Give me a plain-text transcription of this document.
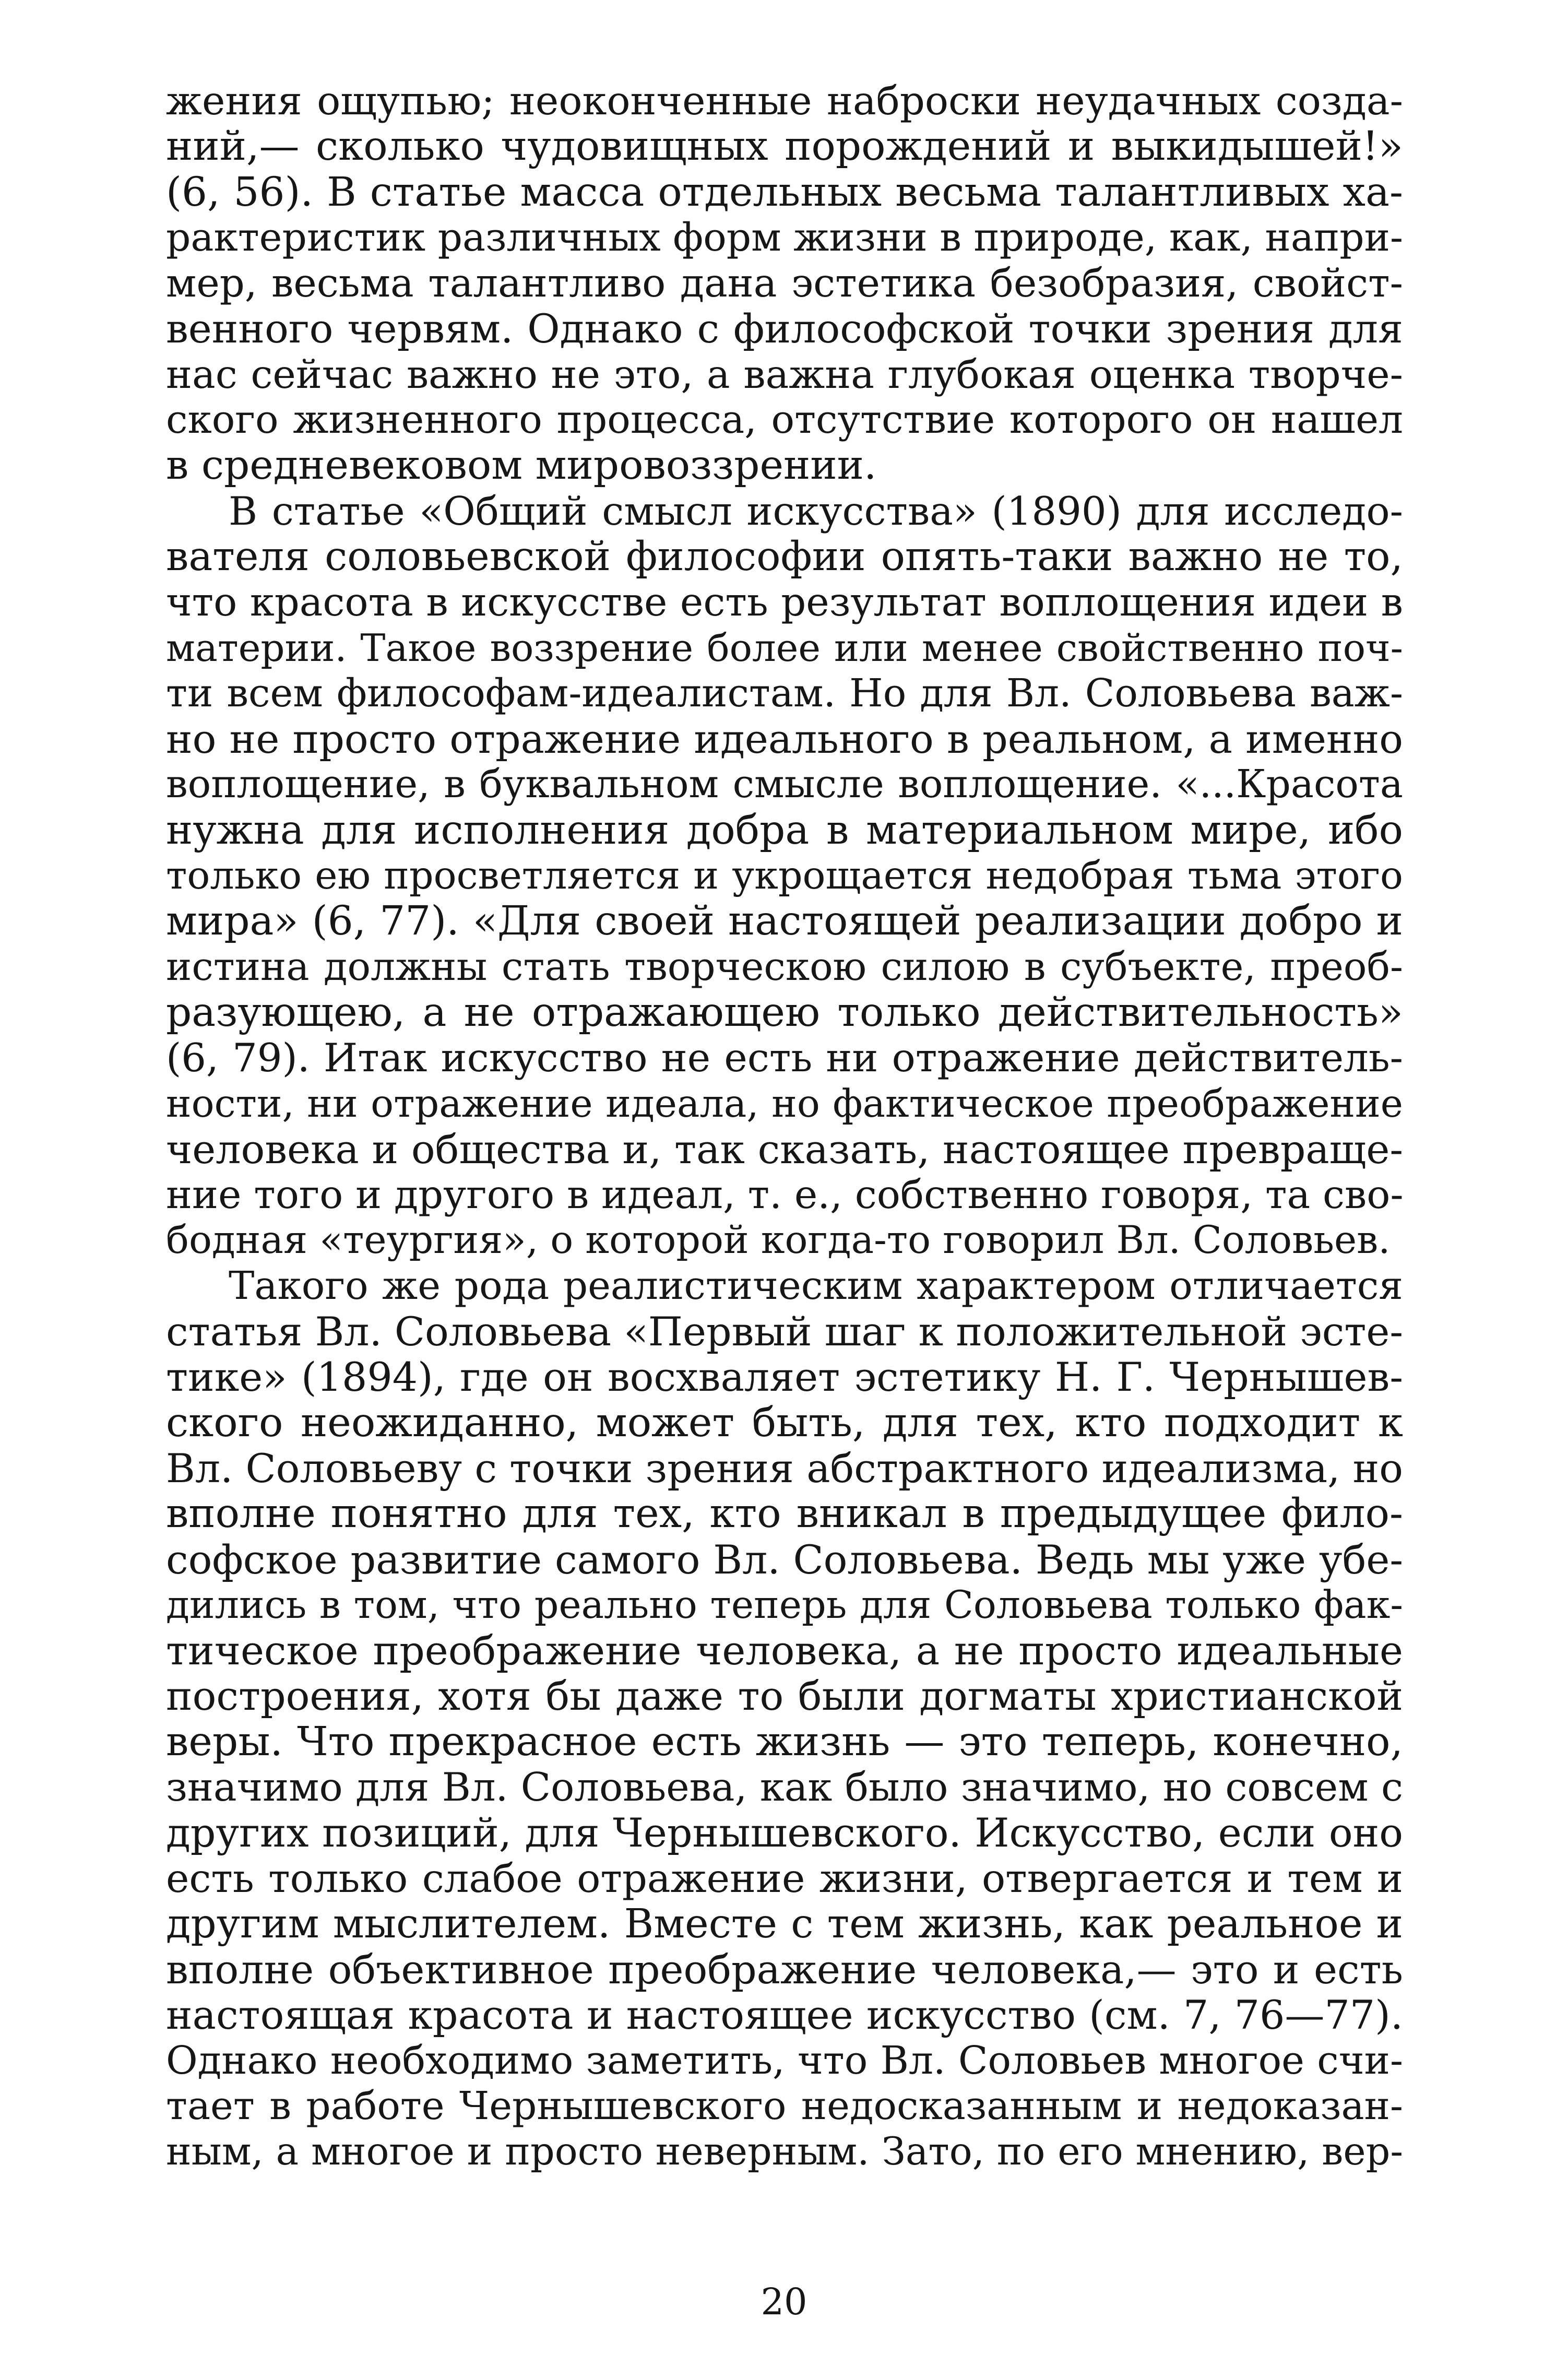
жения ощупью; неоконченные наброски неудачных созда-
ний,— сколько чудовищных порождений и выкидышей!»
(6, 56). В статье масса отдельных весьма талантливых ха-
рактеристик различных форм жизни в природе, как, напри-
мер, весьма талантливо дана эстетика безобразия, свойст-
венного червям. Однако с философской точки зрения для
нас сейчас важно не это, а важна глубокая оценка творче-
ского жизненного процесса, отсутствие которого он нашел
в средневековом мировоззрении.
В статье «Общий смысл искусства» (1890) для исследо-
вателя соловьевской философии опять-таки важно не то,
что красота в искусстве есть результат воплощения идеи в
материи. Такое воззрение более или менее свойственно поч-
ти всем философам-идеалистам. Но для Вл. Соловьева важ-
но не просто отражение идеального в реальном, а именно
воплощение, в буквальном смысле воплощение. «...Красота
нужна для исполнения добра в материальном мире, ибо
только ею просветляется и укрощается недобрая тьма этого
мира» (6, 77). «Для своей настоящей реализации добро и
истина должны стать творческою силою в субъекте, преоб-
разующею, а не отражающею только действительность»
(6, 79). Итак искусство не есть ни отражение действитель-
ности, ни отражение идеала, но фактическое преображение
человека и общества и, так сказать, настоящее превраще-
ние того и другого в идеал, т. е., собственно говоря, та сво-
бодная «теургия», о которой когда-то говорил Вл. Соловьев.
Такого же рода реалистическим характером отличается
статья Вл. Соловьева «Первый шаг к положительной эсте-
тике» (1894), где он восхваляет эстетику Н. Г. Чернышев-
ского неожиданно, может быть, для тех, кто подходит к
Вл. Соловьеву с точки зрения абстрактного идеализма, но
вполне понятно для тех, кто вникал в предыдущее фило-
софское развитие самого Вл. Соловьева. Ведь мы уже убе-
дились в том, что реально теперь для Соловьева только фак-
тическое преображение человека, а не просто идеальные
построения, хотя бы даже то были догматы христианской
веры. Что прекрасное есть жизнь — это теперь, конечно,
значимо для Вл. Соловьева, как было значимо, но совсем с
других позиций, для Чернышевского. Искусство, если оно
есть только слабое отражение жизни, отвергается и тем и
другим мыслителем. Вместе с тем жизнь, как реальное и
вполне объективное преображение человека,— это и есть
настоящая красота и настоящее искусство (см. 7, 76—77).
Однако необходимо заметить, что Вл. Соловьев многое счи-
тает в работе Чернышевского недосказанным и недоказан-
ным, а многое и просто неверным. Зато, по его мнению, вер-
20
